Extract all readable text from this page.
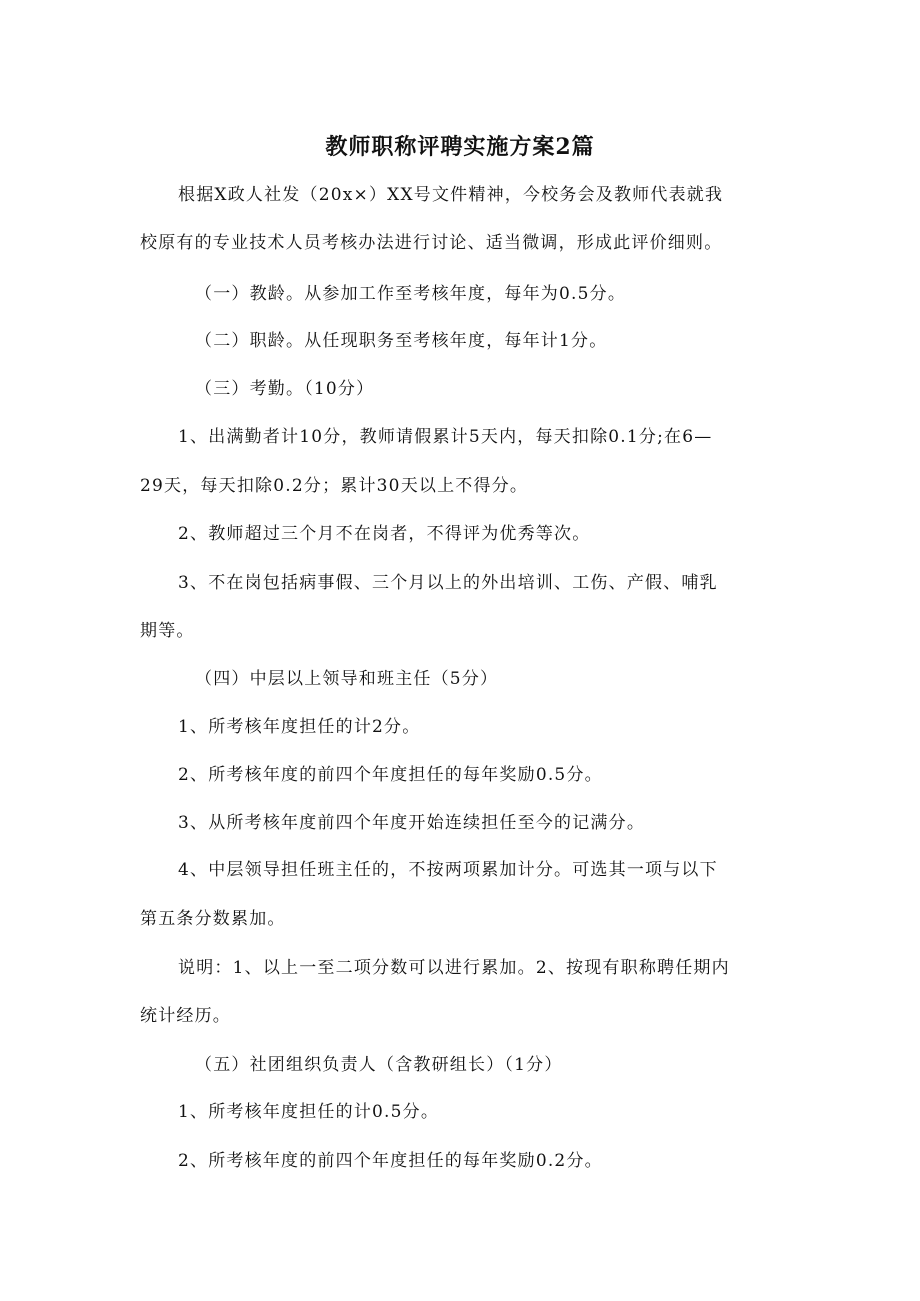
教师职称评聘实施方案2篇

根据X政人社发（20x×）XX号文件精神，今校务会及教师代表就我

校原有的专业技术人员考核办法进行讨论、适当微调，形成此评价细则。

（一）教龄。从参加工作至考核年度，每年为0.5分。

（二）职龄。从任现职务至考核年度，每年计1分。

（三）考勤。（10分）

1、出满勤者计10分，教师请假累计5天内，每天扣除0.1分;在6—

29天，每天扣除0.2分；累计30天以上不得分。

2、教师超过三个月不在岗者，不得评为优秀等次。

3、不在岗包括病事假、三个月以上的外出培训、工伤、产假、哺乳

期等。

（四）中层以上领导和班主任（5分）

1、所考核年度担任的计2分。

2、所考核年度的前四个年度担任的每年奖励0.5分。

3、从所考核年度前四个年度开始连续担任至今的记满分。

4、中层领导担任班主任的，不按两项累加计分。可选其一项与以下

第五条分数累加。

说明：1、以上一至二项分数可以进行累加。2、按现有职称聘任期内

统计经历。

（五）社团组织负责人（含教研组长）（1分）

1、所考核年度担任的计0.5分。

2、所考核年度的前四个年度担任的每年奖励0.2分。
